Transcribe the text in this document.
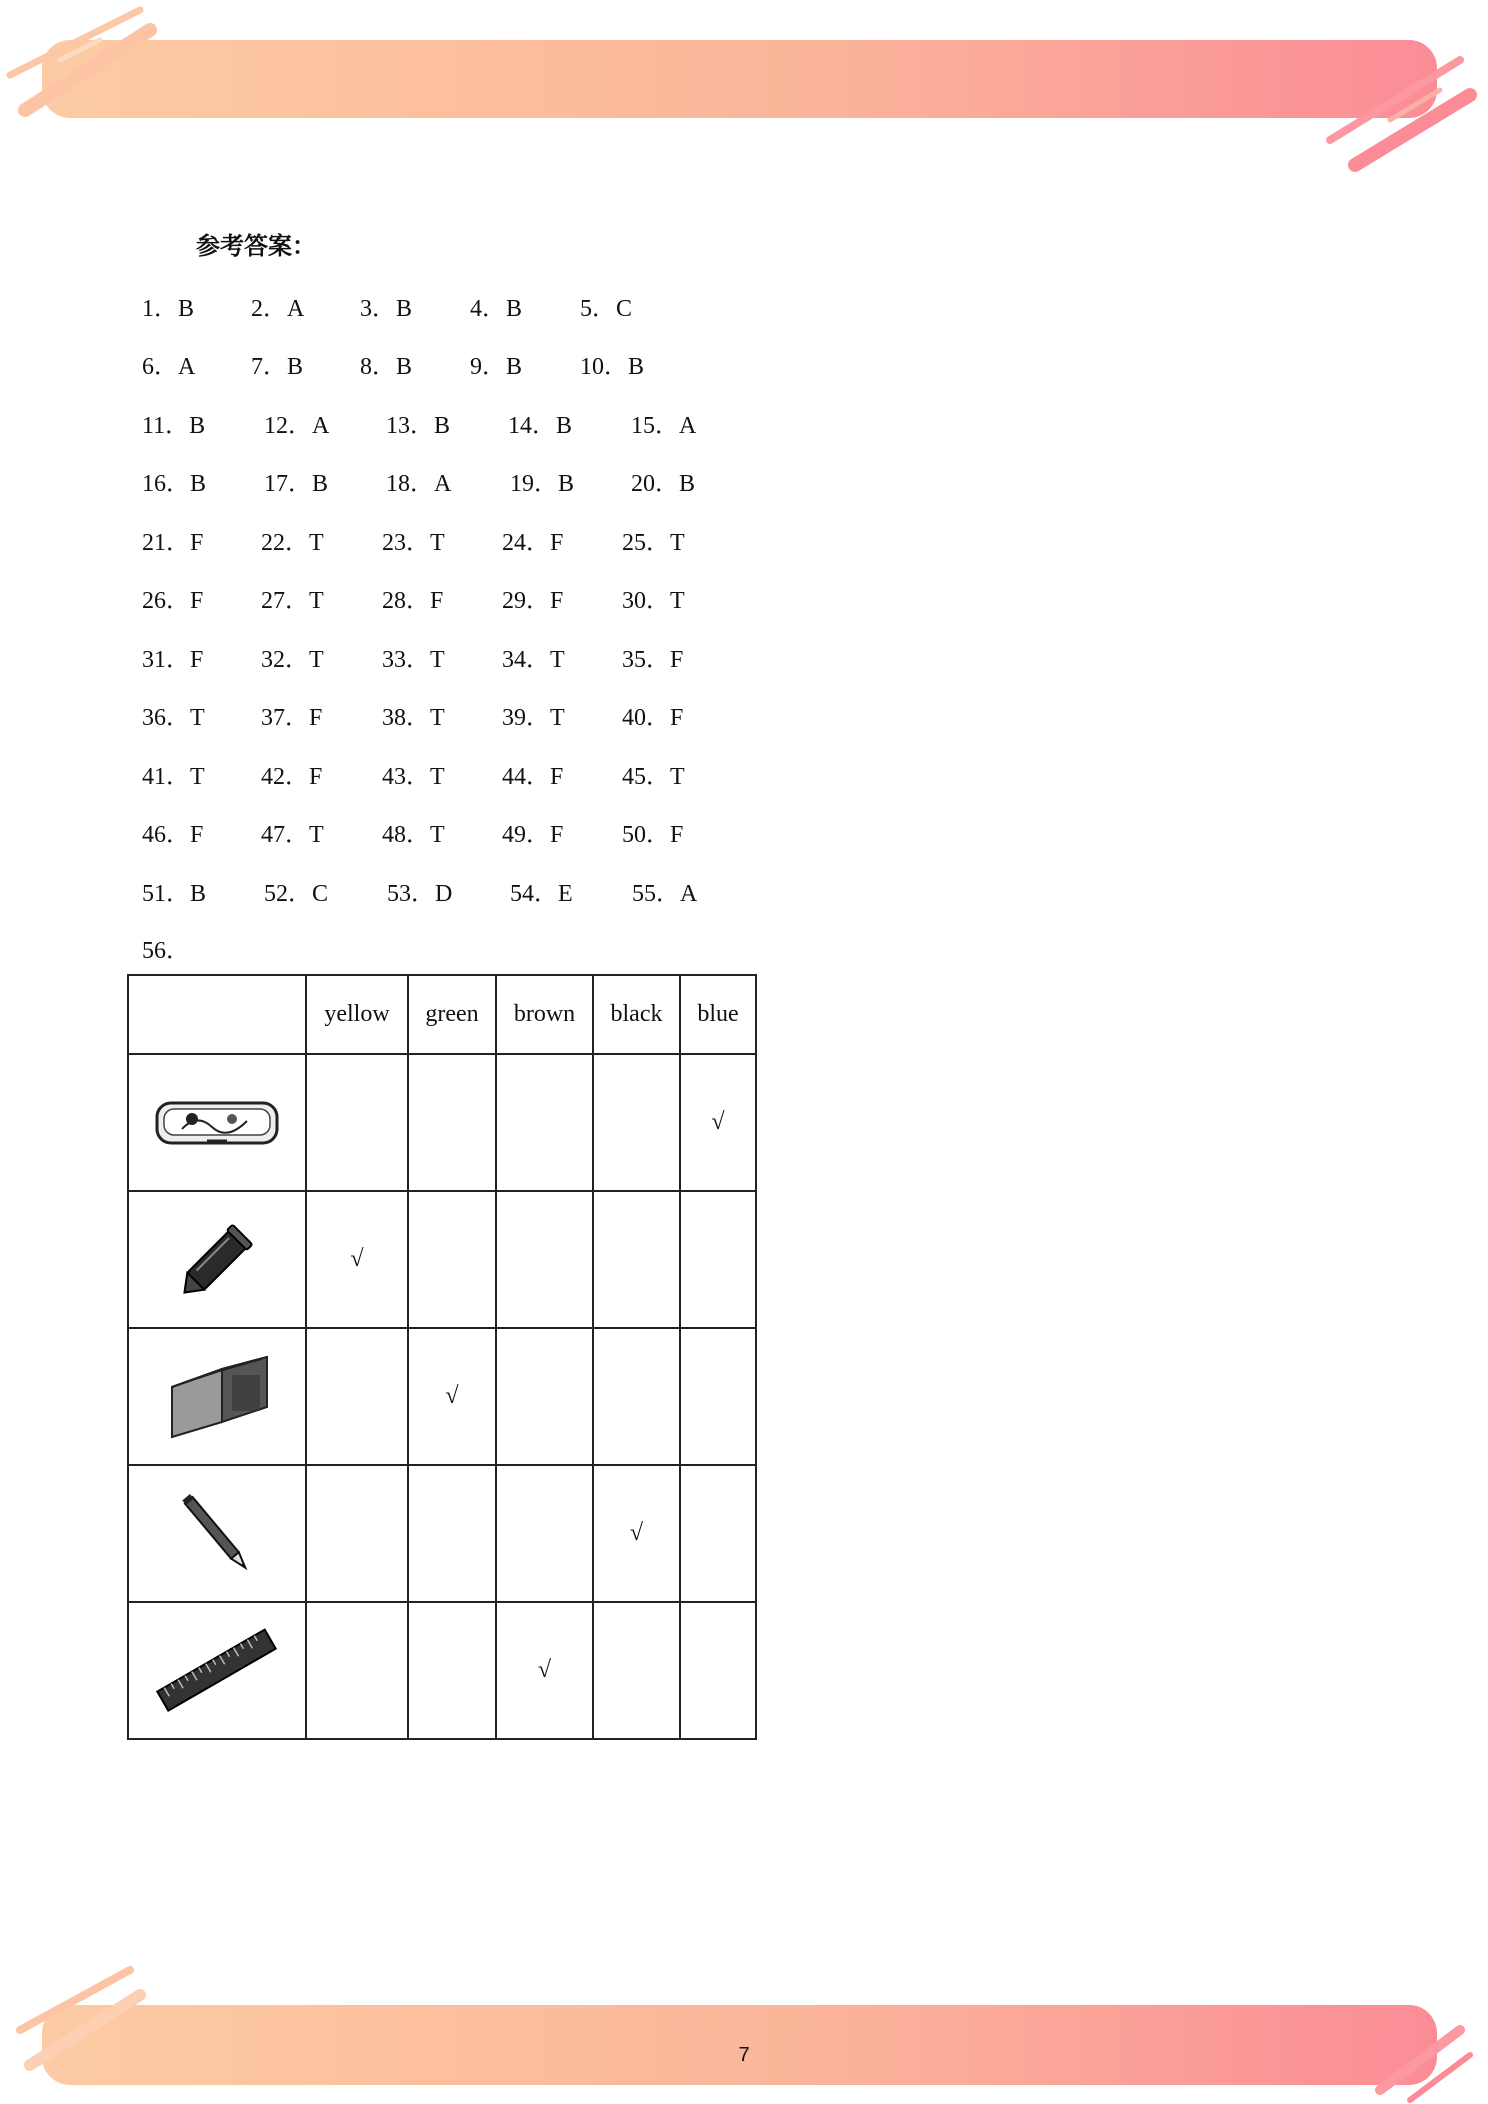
参考答案：
1．B 2．A 3．B 4．B 5．C
6．A 7．B 8．B 9．B 10．B
11．B 12．A 13．B 14．B 15．A
16．B 17．B 18．A 19．B 20．B
21．F 22．T 23．T 24．F 25．T
26．F 27．T 28．F 29．F 30．T
31．F 32．T 33．T 34．T 35．F
36．T 37．F 38．T 39．T 40．F
41．T 42．F 43．T 44．F 45．T
46．F 47．T 48．T 49．F 50．F
51．B 52．C 53．D 54．E 55．A
56．
	yellow	green	brown	black	blue

					√

	√				

		√			

				√	

			√		
7
